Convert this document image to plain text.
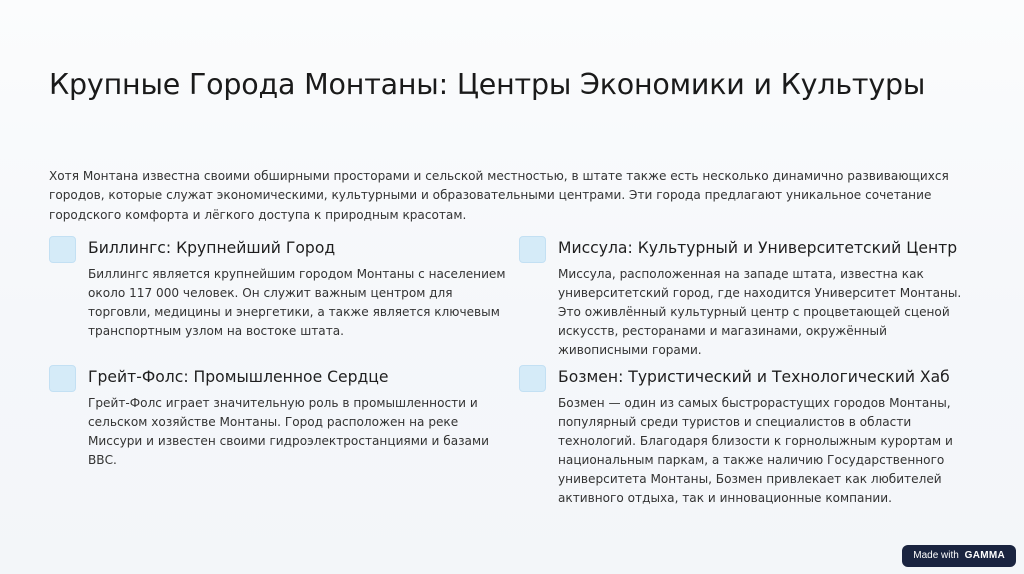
Крупные Города Монтаны: Центры Экономики и Культуры

Хотя Монтана известна своими обширными просторами и сельской местностью, в штате также есть несколько динамично развивающихся городов, которые служат экономическими, культурными и образовательными центрами. Эти города предлагают уникальное сочетание городского комфорта и лёгкого доступа к природным красотам.

Биллингс: Крупнейший Город

Биллингс является крупнейшим городом Монтаны с населением около 117 000 человек. Он служит важным центром для торговли, медицины и энергетики, а также является ключевым транспортным узлом на востоке штата.

Миссула: Культурный и Университетский Центр

Миссула, расположенная на западе штата, известна как университетский город, где находится Университет Монтаны. Это оживлённый культурный центр с процветающей сценой искусств, ресторанами и магазинами, окружённый живописными горами.

Грейт-Фолс: Промышленное Сердце

Грейт-Фолс играет значительную роль в промышленности и сельском хозяйстве Монтаны. Город расположен на реке Миссури и известен своими гидроэлектростанциями и базами ВВС.

Бозмен: Туристический и Технологический Хаб

Бозмен — один из самых быстрорастущих городов Монтаны, популярный среди туристов и специалистов в области технологий. Благодаря близости к горнолыжным курортам и национальным паркам, а также наличию Государственного университета Монтаны, Бозмен привлекает как любителей активного отдыха, так и инновационные компании.

Made with GAMMA
